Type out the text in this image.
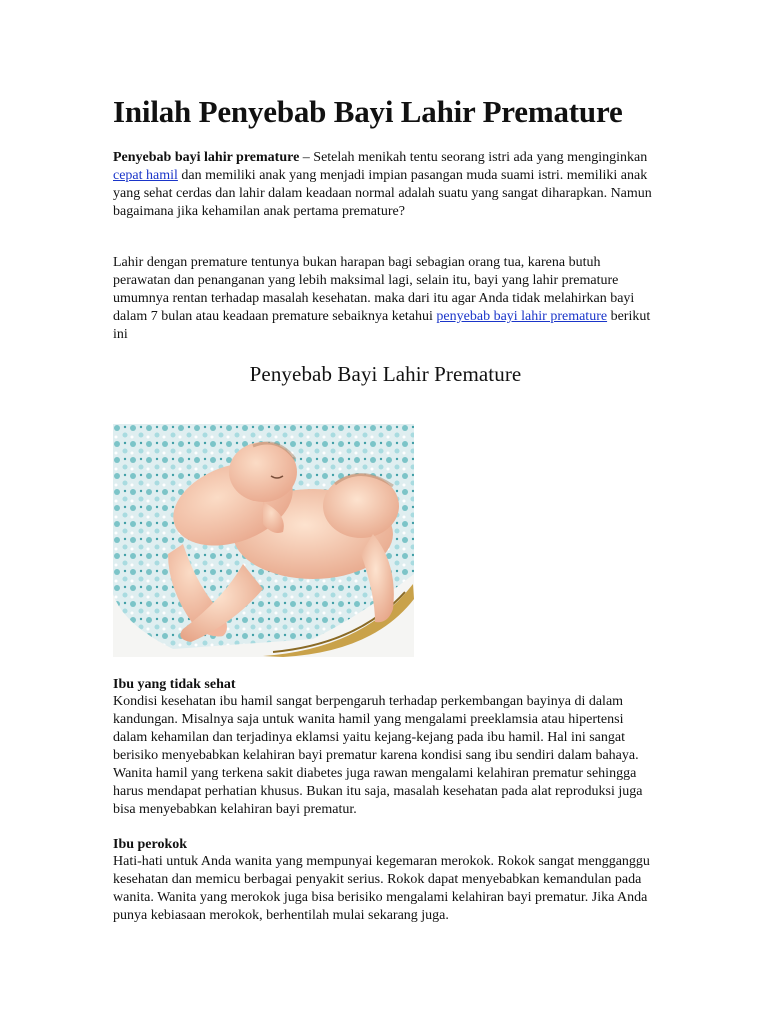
Inilah Penyebab Bayi Lahir Premature

Penyebab bayi lahir premature – Setelah menikah tentu seorang istri ada yang menginginkan cepat hamil dan memiliki anak yang menjadi impian pasangan muda suami istri. memiliki anak yang sehat cerdas dan lahir dalam keadaan normal adalah suatu yang sangat diharapkan. Namun bagaimana jika kehamilan anak pertama premature?

Lahir dengan premature tentunya bukan harapan bagi sebagian orang tua, karena butuh perawatan dan penanganan yang lebih maksimal lagi, selain itu, bayi yang lahir premature umumnya rentan terhadap masalah kesehatan. maka dari itu agar Anda tidak melahirkan bayi dalam 7 bulan atau keadaan premature sebaiknya ketahui penyebab bayi lahir premature berikut ini

Penyebab Bayi Lahir Premature

Ibu yang tidak sehat

Kondisi kesehatan ibu hamil sangat berpengaruh terhadap perkembangan bayinya di dalam kandungan. Misalnya saja untuk wanita hamil yang mengalami preeklamsia atau hipertensi dalam kehamilan dan terjadinya eklamsi yaitu kejang-kejang pada ibu hamil. Hal ini sangat berisiko menyebabkan kelahiran bayi prematur karena kondisi sang ibu sendiri dalam bahaya. Wanita hamil yang terkena sakit diabetes juga rawan mengalami kelahiran prematur sehingga harus mendapat perhatian khusus. Bukan itu saja, masalah kesehatan pada alat reproduksi juga bisa menyebabkan kelahiran bayi prematur.

Ibu perokok

Hati-hati untuk Anda wanita yang mempunyai kegemaran merokok. Rokok sangat mengganggu kesehatan dan memicu berbagai penyakit serius. Rokok dapat menyebabkan kemandulan pada wanita. Wanita yang merokok juga bisa berisiko mengalami kelahiran bayi prematur. Jika Anda punya kebiasaan merokok, berhentilah mulai sekarang juga.
